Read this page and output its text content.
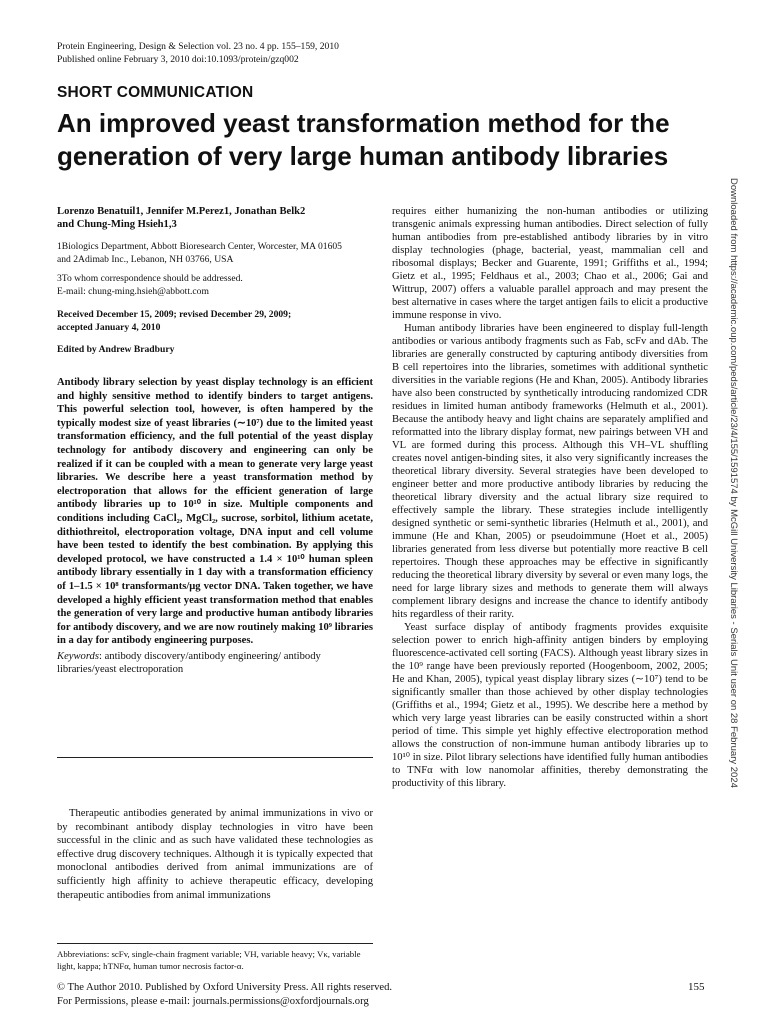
Protein Engineering, Design & Selection vol. 23 no. 4 pp. 155–159, 2010
Published online February 3, 2010 doi:10.1093/protein/gzq002
SHORT COMMUNICATION
An improved yeast transformation method for the
generation of very large human antibody libraries
Lorenzo Benatuil1, Jennifer M.Perez1, Jonathan Belk2
and Chung-Ming Hsieh1,3
1Biologics Department, Abbott Bioresearch Center, Worcester, MA 01605
and 2Adimab Inc., Lebanon, NH 03766, USA
3To whom correspondence should be addressed.
E-mail: chung-ming.hsieh@abbott.com
Received December 15, 2009; revised December 29, 2009;
accepted January 4, 2010
Edited by Andrew Bradbury
Antibody library selection by yeast display technology is an efficient and highly sensitive method to identify binders to target antigens. This powerful selection tool, however, is often hampered by the typically modest size of yeast libraries (∼10⁷) due to the limited yeast transformation efficiency, and the full potential of the yeast display technology for antibody discovery and engineering can only be realized if it can be coupled with a mean to generate very large yeast libraries. We describe here a yeast transformation method by electroporation that allows for the efficient generation of large antibody libraries up to 10¹⁰ in size. Multiple components and conditions including CaCl₂, MgCl₂, sucrose, sorbitol, lithium acetate, dithiothreitol, electroporation voltage, DNA input and cell volume have been tested to identify the best combination. By applying this developed protocol, we have constructed a 1.4 × 10¹⁰ human spleen antibody library essentially in 1 day with a transformation efficiency of 1–1.5 × 10⁸ transformants/μg vector DNA. Taken together, we have developed a highly efficient yeast transformation method that enables the generation of very large and productive human antibody libraries for antibody discovery, and we are now routinely making 10⁹ libraries in a day for antibody engineering purposes.
Keywords: antibody discovery/antibody engineering/ antibody libraries/yeast electroporation

Therapeutic antibodies generated by animal immunizations in vivo or by recombinant antibody display technologies in vitro have been successful in the clinic and as such have validated these technologies as effective drug discovery techniques. Although it is typically expected that monoclonal antibodies derived from animal immunizations are of sufficiently high affinity to achieve therapeutic efficacy, developing therapeutic antibodies from animal immunizations

Abbreviations: scFv, single-chain fragment variable; VH, variable heavy; Vκ, variable light, kappa; hTNFα, human tumor necrosis factor-α.

requires either humanizing the non-human antibodies or utilizing transgenic animals expressing human antibodies. Direct selection of fully human antibodies from pre-established antibody libraries by in vitro display technologies (phage, bacterial, yeast, mammalian cell and ribosomal displays; Becker and Guarente, 1991; Griffiths et al., 1994; Gietz et al., 1995; Feldhaus et al., 2003; Chao et al., 2006; Gai and Wittrup, 2007) offers a valuable parallel approach and may present the best alternative in cases where the target antigen fails to elicit a productive immune response in vivo.

Human antibody libraries have been engineered to display full-length antibodies or various antibody fragments such as Fab, scFv and dAb. The libraries are generally constructed by capturing antibody diversities from B cell repertoires into the libraries, sometimes with additional synthetic diversities in the variable regions (He and Khan, 2005). Antibody libraries have also been constructed by synthetically introducing randomized CDR residues in limited human antibody frameworks (Helmuth et al., 2001). Because the antibody heavy and light chains are separately amplified and reformatted into the library display format, new pairings between VH and VL are formed during this process. Although this VH–VL shuffling creates novel antigen-binding sites, it also very significantly increases the theoretical library diversity. Several strategies have been developed to engineer better and more productive antibody libraries by reducing the theoretical library diversity and the actual library size required to effectively sample the library. These strategies include intelligently designed synthetic or semi-synthetic libraries (Helmuth et al., 2001), and immune (He and Khan, 2005) or pseudoimmune (Hoet et al., 2005) libraries generated from less diverse but potentially more reactive B cell repertoires. Though these approaches may be effective in significantly reducing the theoretical library diversity by several or even many logs, the need for large library sizes and methods to generate them will always complement library designs and increase the chance to identify antibody hits regardless of their rarity.

Yeast surface display of antibody fragments provides exquisite selection power to enrich high-affinity antigen binders by employing fluorescence-activated cell sorting (FACS). Although yeast library sizes in the 10⁹ range have been previously reported (Hoogenboom, 2002, 2005; He and Khan, 2005), typical yeast display library sizes (∼10⁷) tend to be significantly smaller than those achieved by other display technologies (Griffiths et al., 1994; Gietz et al., 1995). We describe here a method by which very large yeast libraries can be easily constructed within a short period of time. This simple yet highly effective electroporation method allows the construction of non-immune human antibody libraries up to 10¹⁰ in size. Pilot library selections have identified fully human antibodies to TNFα with low nanomolar affinities, thereby demonstrating the productivity of this library.	Downloaded from https://academic.oup.com/peds/article/23/4/155/1591574 by McGill University Libraries - Serials Unit user on 28 February 2024
© The Author 2010. Published by Oxford University Press. All rights reserved.
For Permissions, please e-mail: journals.permissions@oxfordjournals.org
155
